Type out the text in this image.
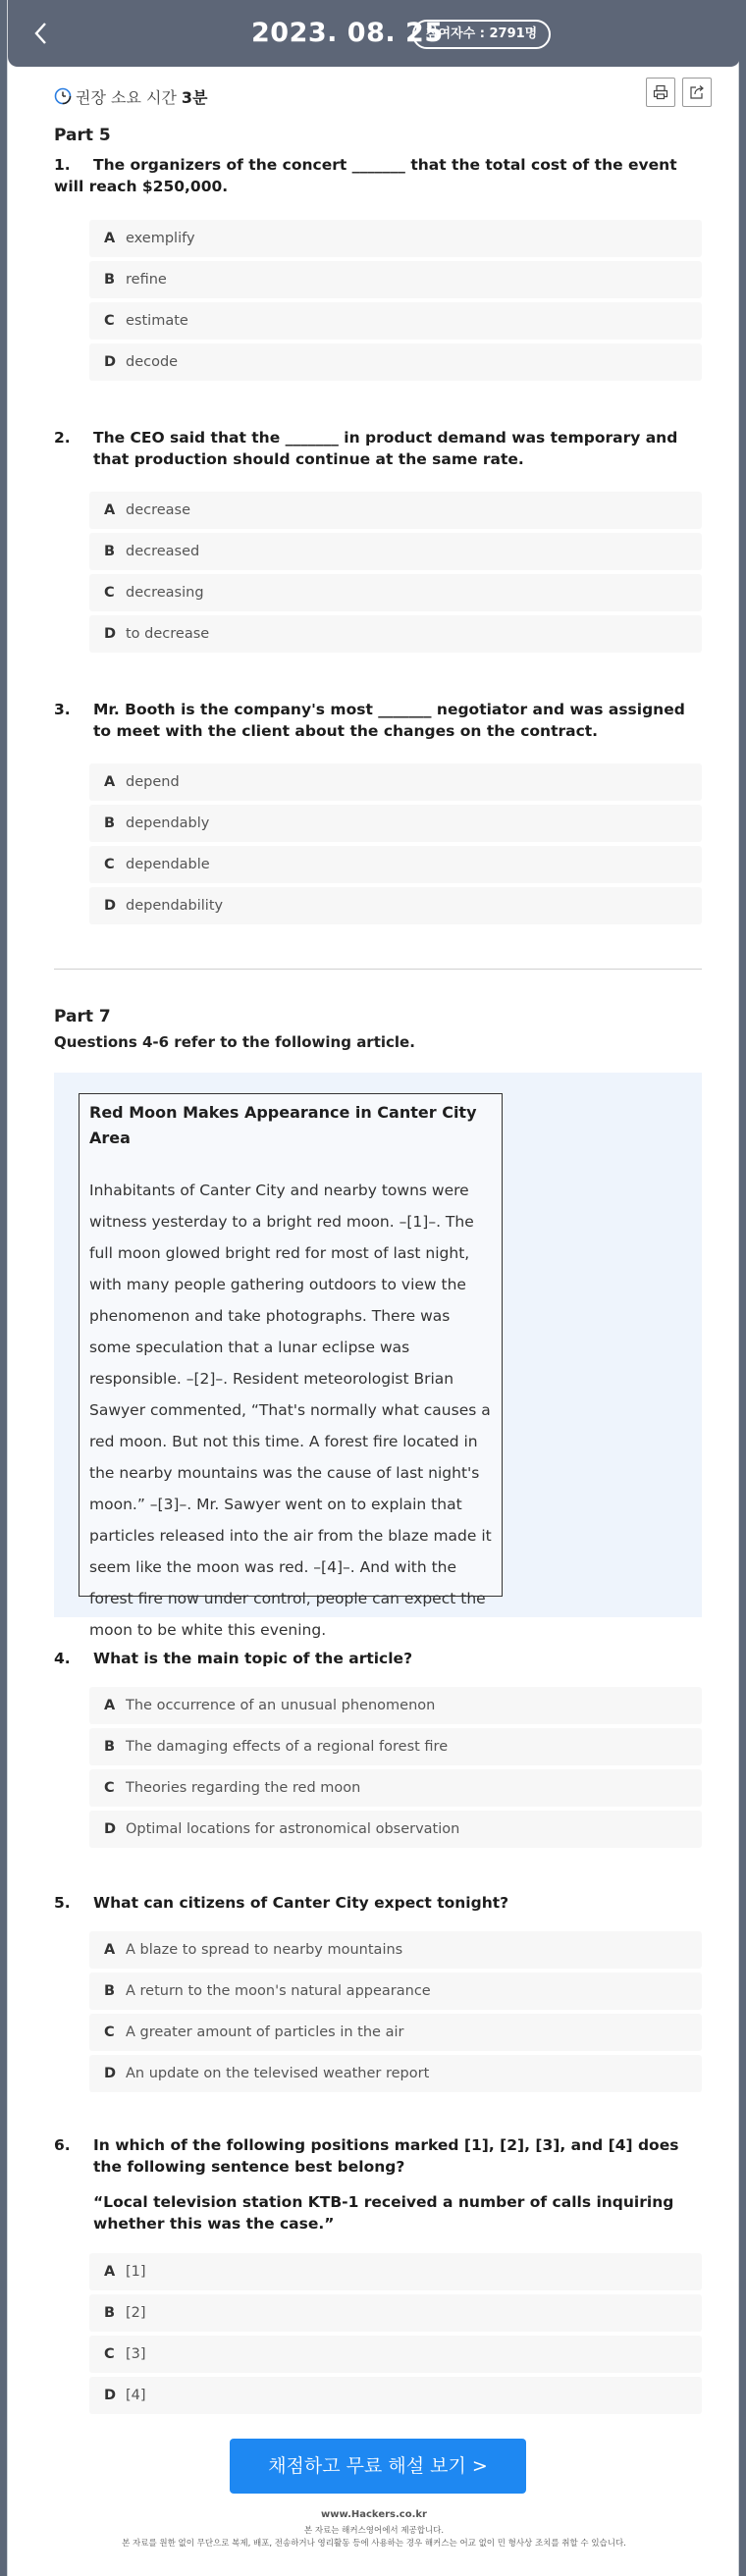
2023. 08. 25
참여자수 : 2791명
권장 소요 시간 3분
Part 5
1.	The organizers of the concert _______ that the total cost of the event will reach $250,000.
A exemplify
B refine
C estimate
D decode
2.	The CEO said that the _______ in product demand was temporary and that production should continue at the same rate.
A decrease
B decreased
C decreasing
D to decrease
3.	Mr. Booth is the company's most _______ negotiator and was assigned to meet with the client about the changes on the contract.
A depend
B dependably
C dependable
D dependability
Part 7
Questions 4-6 refer to the following article.
Red Moon Makes Appearance in Canter City Area
Inhabitants of Canter City and nearby towns were witness yesterday to a bright red moon. –[1]–. The full moon glowed bright red for most of last night, with many people gathering outdoors to view the phenomenon and take photographs. There was some speculation that a lunar eclipse was responsible. –[2]–. Resident meteorologist Brian Sawyer commented, “That's normally what causes a red moon. But not this time. A forest fire located in the nearby mountains was the cause of last night's moon.” –[3]–. Mr. Sawyer went on to explain that particles released into the air from the blaze made it seem like the moon was red. –[4]–. And with the forest fire now under control, people can expect the moon to be white this evening.
4.	What is the main topic of the article?
A The occurrence of an unusual phenomenon
B The damaging effects of a regional forest fire
C Theories regarding the red moon
D Optimal locations for astronomical observation
5.	What can citizens of Canter City expect tonight?
A A blaze to spread to nearby mountains
B A return to the moon's natural appearance
C A greater amount of particles in the air
D An update on the televised weather report
6.	In which of the following positions marked [1], [2], [3], and [4] does the following sentence best belong?
“Local television station KTB-1 received a number of calls inquiring whether this was the case.”
A [1]
B [2]
C [3]
D [4]
채점하고 무료 해설 보기 >
www.Hackers.co.kr
본 자료는 해커스영어에서 제공합니다.
본 자료를 원한 없이 무단으로 복제, 배포, 전송하거나 영리활동 등에 사용하는 경우 해커스는 어교 없이 민 형사상 조치를 취할 수 있습니다.
